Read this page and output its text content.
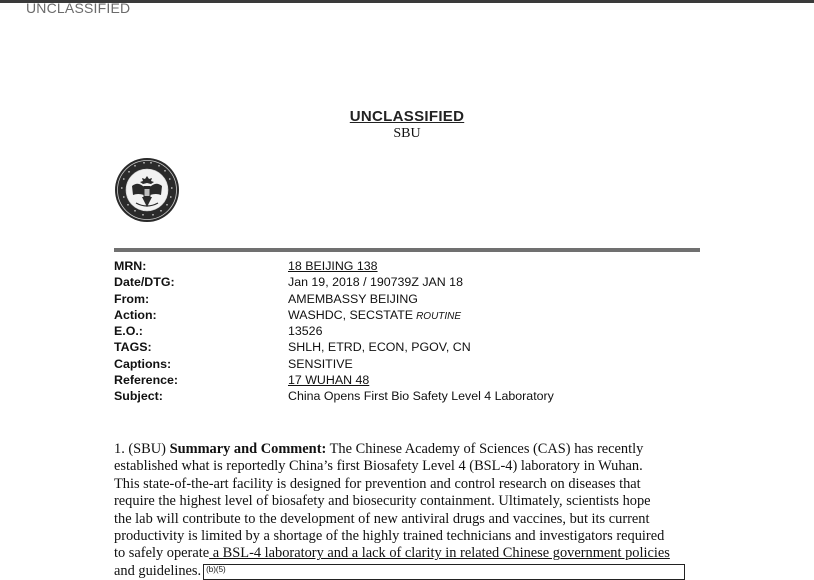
UNCLASSIFIED
UNCLASSIFIED
SBU
MRN:	18 BEIJING 138
Date/DTG:	Jan 19, 2018 / 190739Z JAN 18
From:	AMEMBASSY BEIJING
Action:	WASHDC, SECSTATE ROUTINE
E.O.:	13526
TAGS:	SHLH, ETRD, ECON, PGOV, CN
Captions:	SENSITIVE
Reference:	17 WUHAN 48
Subject:	China Opens First Bio Safety Level 4 Laboratory

1. (SBU) Summary and Comment: The Chinese Academy of Sciences (CAS) has recently

established what is reportedly China’s first Biosafety Level 4 (BSL-4) laboratory in Wuhan.

This state-of-the-art facility is designed for prevention and control research on diseases that

require the highest level of biosafety and biosecurity containment. Ultimately, scientists hope

the lab will contribute to the development of new antiviral drugs and vaccines, but its current

productivity is limited by a shortage of the highly trained technicians and investigators required

to safely operate a BSL-4 laboratory and a lack of clarity in related Chinese government policies

and guidelines. (b)(5)
